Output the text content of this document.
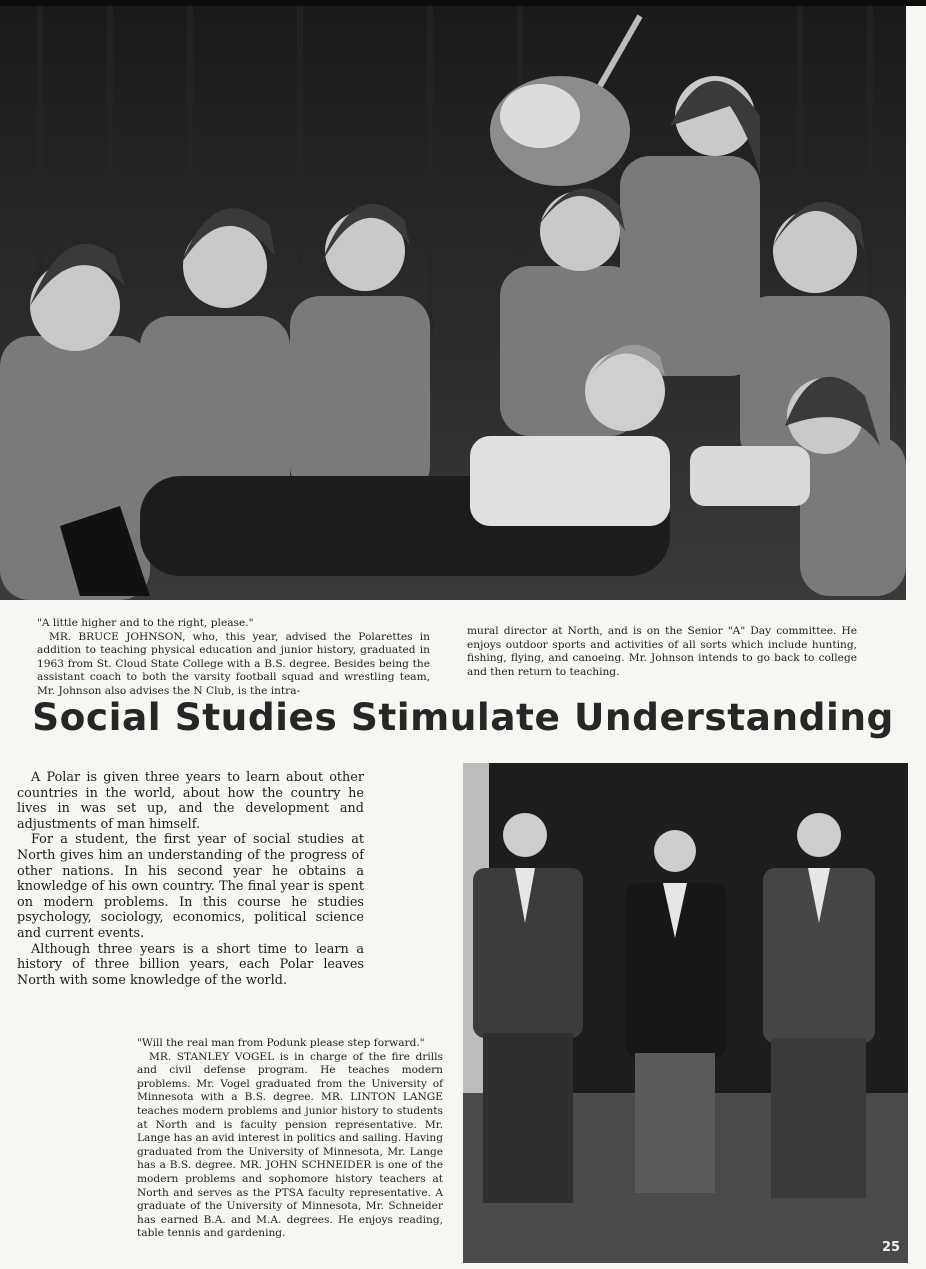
"A little higher and to the right, please."

MR. BRUCE JOHNSON, who, this year, advised the Polarettes in addition to teaching physical education and junior history, graduated in 1963 from St. Cloud State College with a B.S. degree. Besides being the assistant coach to both the varsity football squad and wrestling team, Mr. Johnson also advises the N Club, is the intra-

mural director at North, and is on the Senior "A" Day committee. He enjoys outdoor sports and activities of all sorts which include hunting, fishing, flying, and canoeing. Mr. Johnson intends to go back to college and then return to teaching.

Social Studies Stimulate Understanding

A Polar is given three years to learn about other countries in the world, about how the country he lives in was set up, and the development and adjustments of man himself.

For a student, the first year of social studies at North gives him an understanding of the progress of other nations. In his second year he obtains a knowledge of his own country. The final year is spent on modern problems. In this course he studies psychology, sociology, economics, political science and current events.

Although three years is a short time to learn a history of three billion years, each Polar leaves North with some knowledge of the world.

"Will the real man from Podunk please step forward."

MR. STANLEY VOGEL is in charge of the fire drills and civil defense program. He teaches modern problems. Mr. Vogel graduated from the University of Minnesota with a B.S. degree. MR. LINTON LANGE teaches modern problems and junior history to students at North and is faculty pension representative. Mr. Lange has an avid interest in politics and sailing. Having graduated from the University of Minnesota, Mr. Lange has a B.S. degree. MR. JOHN SCHNEIDER is one of the modern problems and sophomore history teachers at North and serves as the PTSA faculty representative. A graduate of the University of Minnesota, Mr. Schneider has earned B.A. and M.A. degrees. He enjoys reading, table tennis and gardening.

25
